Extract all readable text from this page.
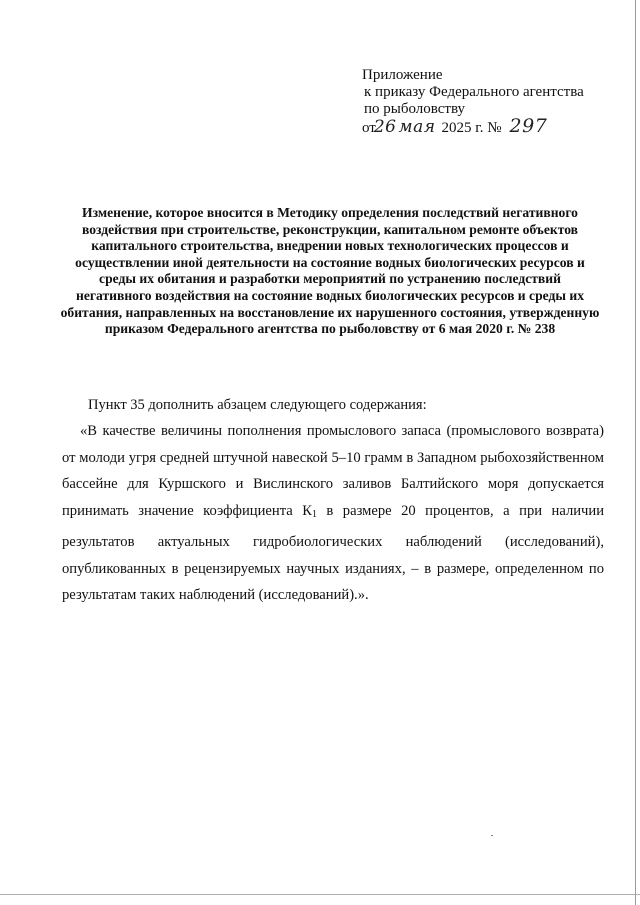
Приложение
к приказу Федерального агентства
по рыболовству
от26 мая 2025 г. № 297
Изменение, которое вносится в Методику определения последствий негативного воздействия при строительстве, реконструкции, капитальном ремонте объектов капитального строительства, внедрении новых технологических процессов и осуществлении иной деятельности на состояние водных биологических ресурсов и среды их обитания и разработки мероприятий по устранению последствий негативного воздействия на состояние водных биологических ресурсов и среды их обитания, направленных на восстановление их нарушенного состояния, утвержденную приказом Федерального агентства по рыболовству от 6 мая 2020 г. № 238
Пункт 35 дополнить абзацем следующего содержания:
«В качестве величины пополнения промыслового запаса (промыслового возврата) от молоди угря средней штучной навеской 5–10 грамм в Западном рыбохозяйственном бассейне для Куршского и Вислинского заливов Балтийского моря допускается принимать значение коэффициента $К_1$ в размере 20 процентов, а при наличии результатов актуальных гидробиологических наблюдений (исследований), опубликованных в рецензируемых научных изданиях, – в размере, определенном по результатам таких наблюдений (исследований).».
